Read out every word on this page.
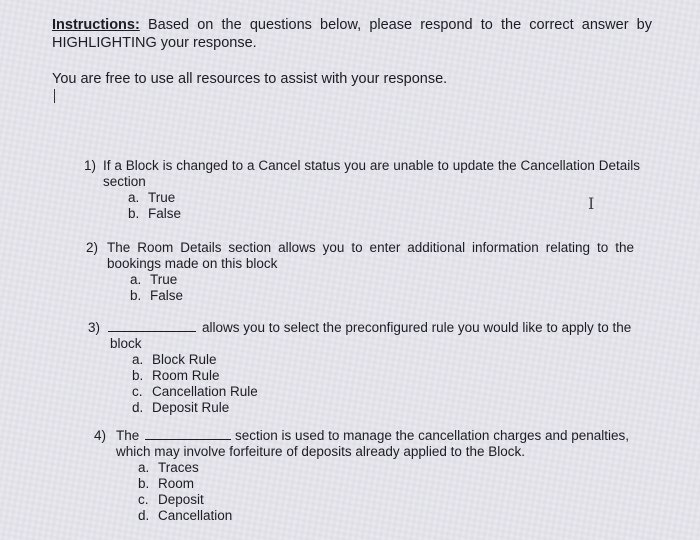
Instructions: Based on the questions below, please respond to the correct answer by HIGHLIGHTING your response.
You are free to use all resources to assist with your response.
I
1) If a Block is changed to a Cancel status you are unable to update the Cancellation Details section
a. True
b. False
2) The Room Details section allows you to enter additional information relating to the bookings made on this block
a. True
b. False
3)	allows you to select the preconfigured rule you would like to apply to the
block
a. Block Rule
b. Room Rule
c. Cancellation Rule
d. Deposit Rule
4) The	section is used to manage the cancellation charges and penalties,
which may involve forfeiture of deposits already applied to the Block.
a. Traces
b. Room
c. Deposit
d. Cancellation
